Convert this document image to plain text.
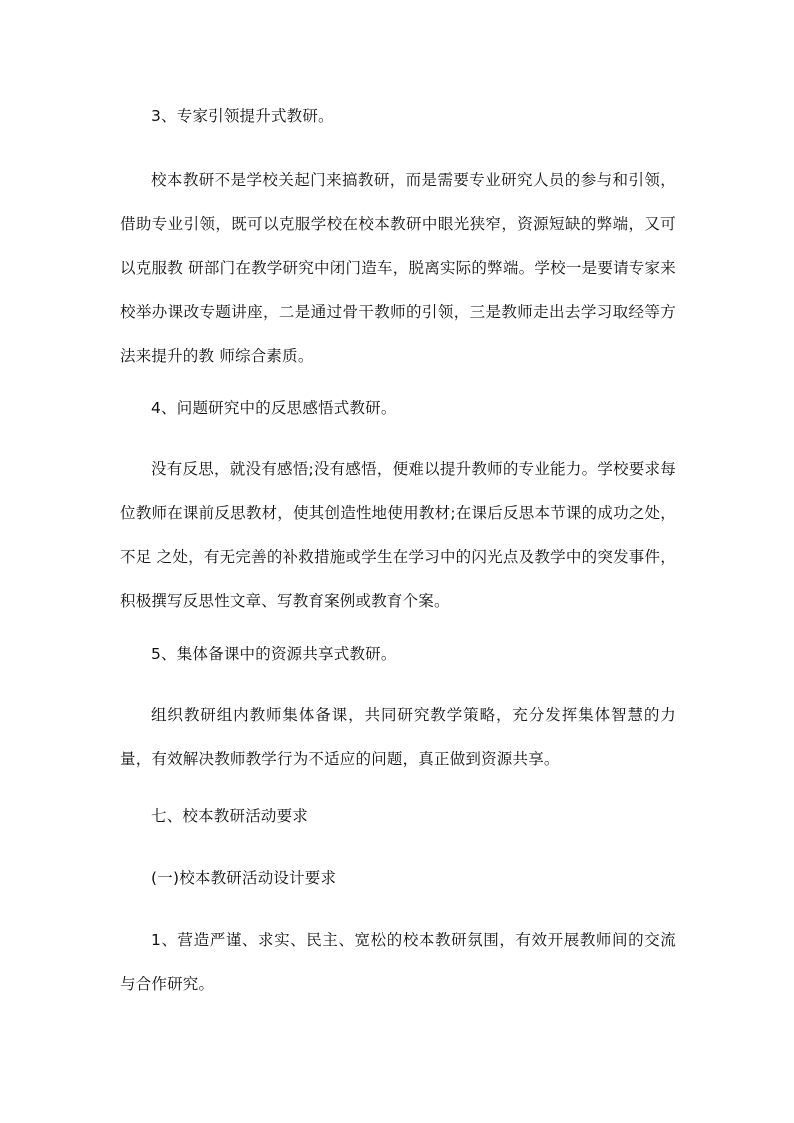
3、专家引领提升式教研。

校本教研不是学校关起门来搞教研，而是需要专业研究人员的参与和引领，借助专业引领，既可以克服学校在校本教研中眼光狭窄，资源短缺的弊端，又可以克服教 研部门在教学研究中闭门造车，脱离实际的弊端。学校一是要请专家来校举办课改专题讲座，二是通过骨干教师的引领，三是教师走出去学习取经等方法来提升的教 师综合素质。

4、问题研究中的反思感悟式教研。

没有反思，就没有感悟;没有感悟，便难以提升教师的专业能力。学校要求每位教师在课前反思教材，使其创造性地使用教材;在课后反思本节课的成功之处，不足 之处，有无完善的补救措施或学生在学习中的闪光点及教学中的突发事件，积极撰写反思性文章、写教育案例或教育个案。

5、集体备课中的资源共享式教研。

组织教研组内教师集体备课，共同研究教学策略，充分发挥集体智慧的力量，有效解决教师教学行为不适应的问题，真正做到资源共享。

七、校本教研活动要求

(一)校本教研活动设计要求

1、营造严谨、求实、民主、宽松的校本教研氛围，有效开展教师间的交流与合作研究。
